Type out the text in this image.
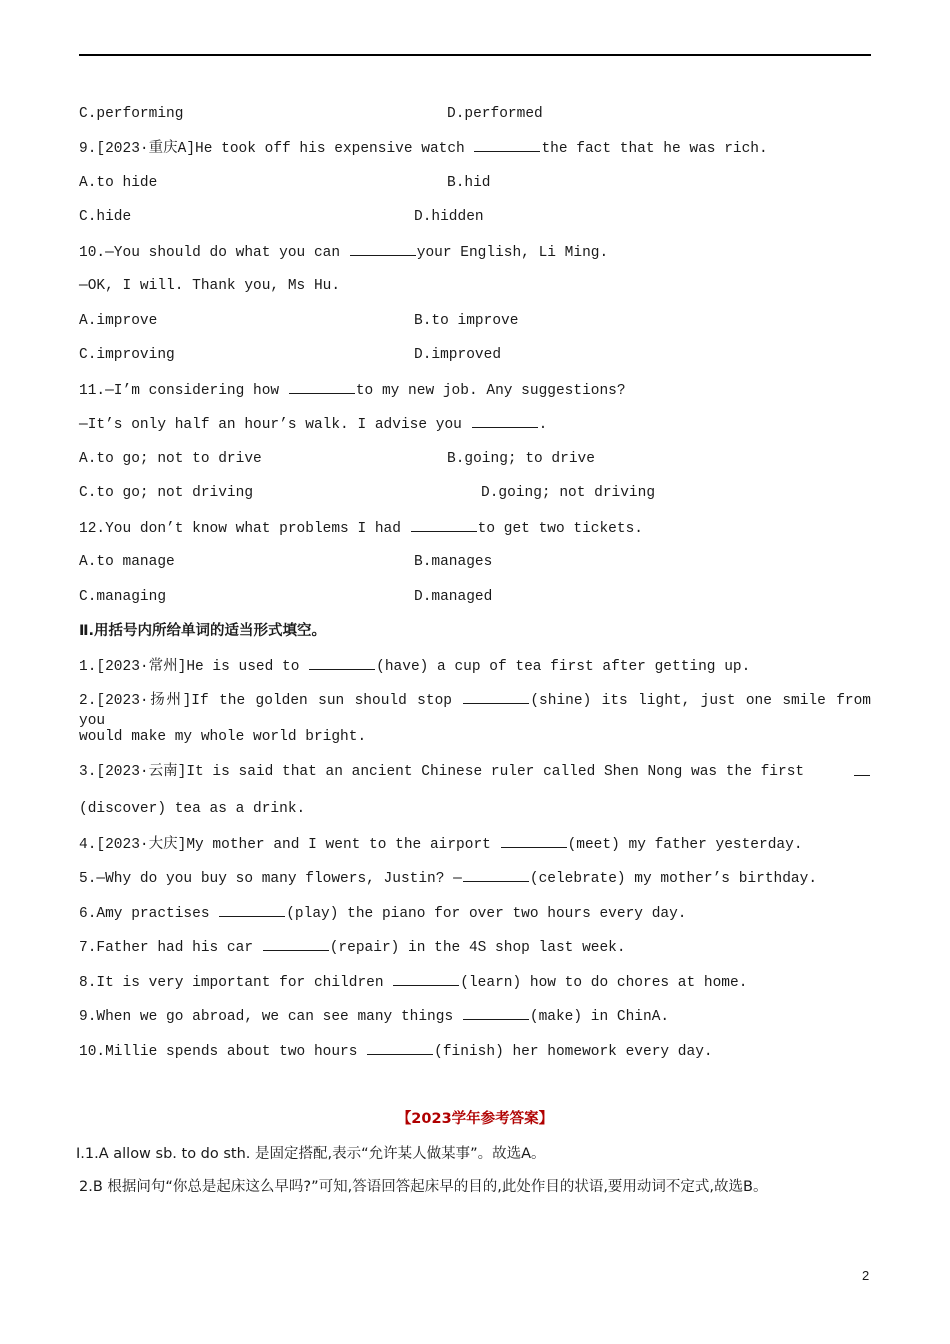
C.performing	D.performed
9.[2023·重庆A]He took off his expensive watch	the fact that he was rich.
A.to hide	B.hid
C.hide	D.hidden
10.—You should do what you can	your English, Li Ming.
—OK, I will. Thank you, Ms Hu.
A.improve	B.to improve
C.improving	D.improved
11.—I’m considering how	to my new job. Any suggestions?
—It’s only half an hour’s walk. I advise you	.
A.to go; not to drive	B.going; to drive
C.to go; not driving	D.going; not driving
12.You don’t know what problems I had	to get two tickets.
A.to manage	B.manages
C.managing	D.managed
Ⅱ.用括号内所给单词的适当形式填空。
1.[2023·常州]He is used to	(have) a cup of tea first after getting up.
2.[2023·扬州]If the golden sun should stop	(shine) its light, just one smile from you
would make my whole world bright.
3.[2023·云南]It is said that an ancient Chinese ruler called Shen Nong was the first
(discover) tea as a drink.
4.[2023·大庆]My mother and I went to the airport	(meet) my father yesterday.
5.—Why do you buy so many flowers, Justin? —	(celebrate) my mother’s birthday.
6.Amy practises	(play) the piano for over two hours every day.
7.Father had his car	(repair) in the 4S shop last week.
8.It is very important for children	(learn) how to do chores at home.
9.When we go abroad, we can see many things	(make) in ChinA.
10.Millie spends about two hours	(finish) her homework every day.
【2023学年参考答案】
Ⅰ.1.A allow sb. to do sth. 是固定搭配,表示“允许某人做某事”。故选A。
2.B 根据问句“你总是起床这么早吗?”可知,答语回答起床早的目的,此处作目的状语,要用动词不定式,故选B。
2
